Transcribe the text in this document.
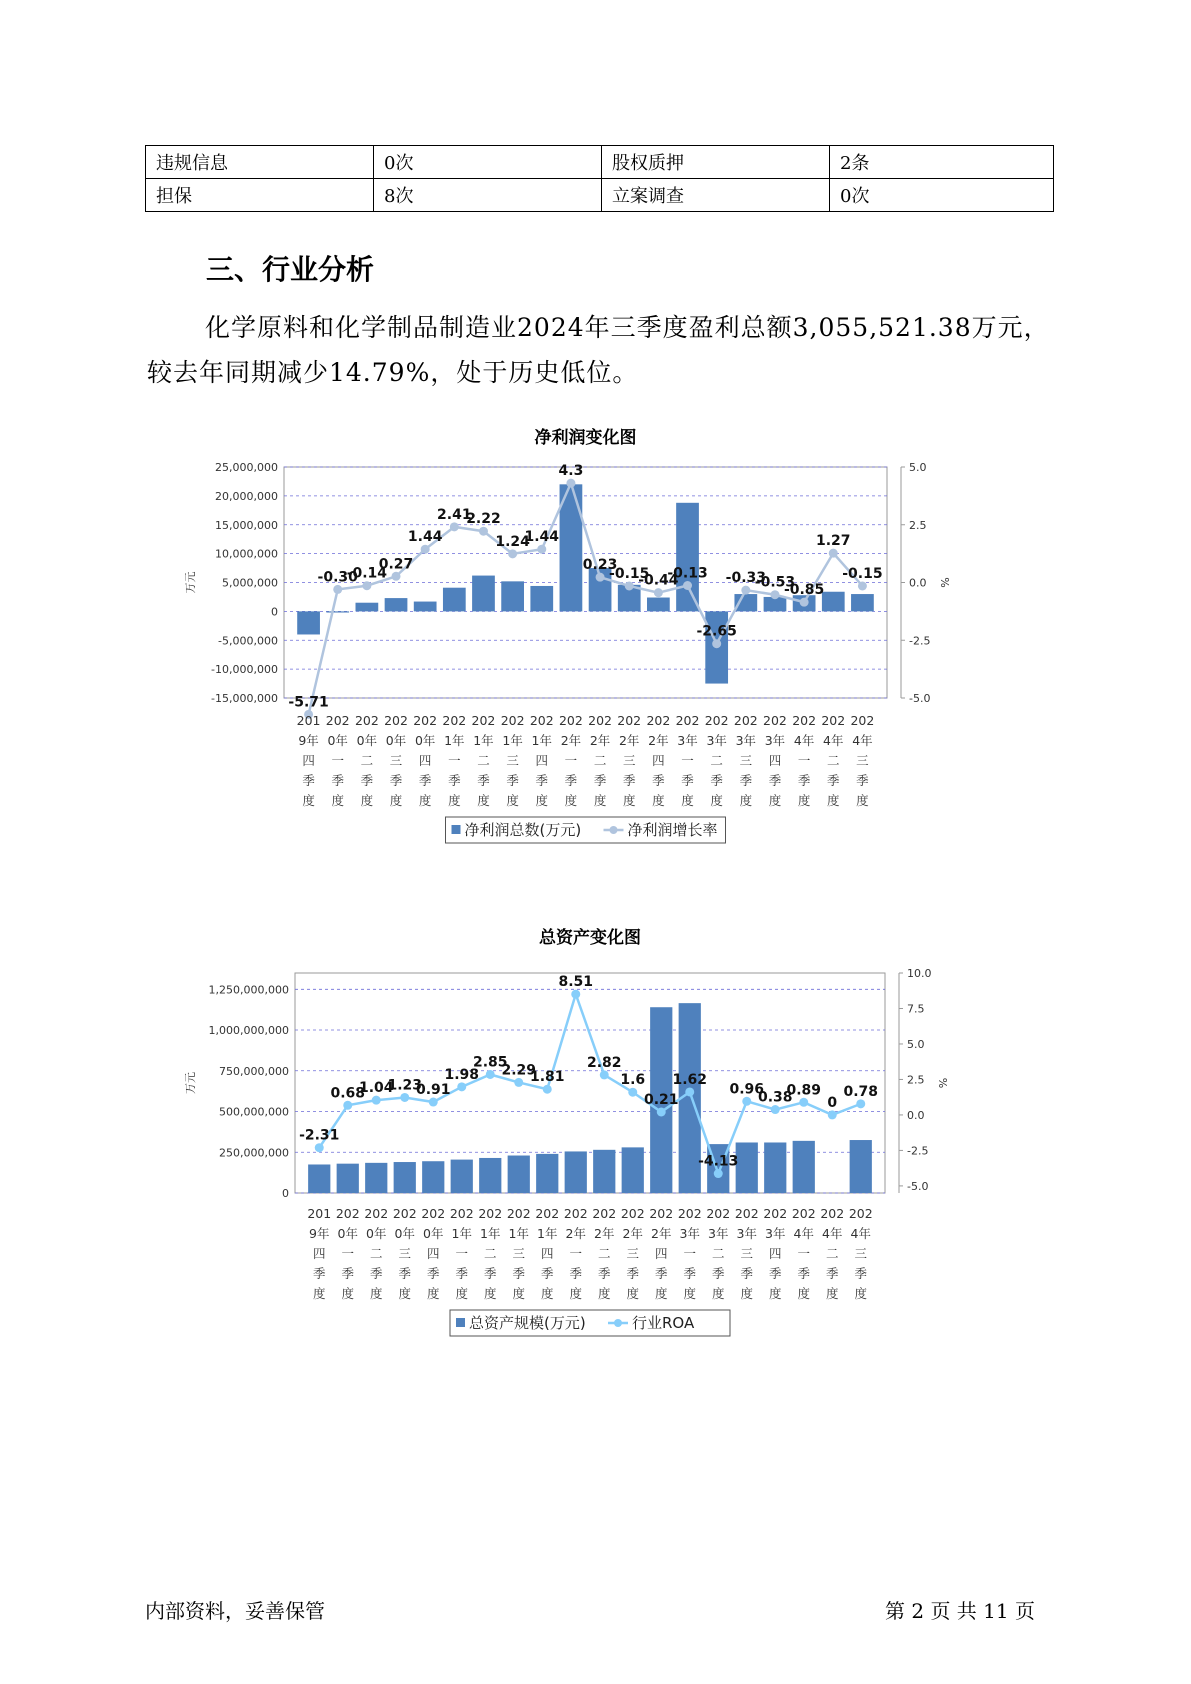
违规信息	0次	股权质押	2条
担保	8次	立案调查	0次
三、行业分析

化学原料和化学制品制造业2024年三季度盈利总额3,055,521.38万元，较去年同期减少14.79%，处于历史低位。

净利润变化图
25,000,000
20,000,000
15,000,000
10,000,000
5,000,000
0
-5,000,000
-10,000,000
-15,000,000
5.0
2.5
0.0
-2.5
-5.0
万元	%
-5.71
-0.30
-0.14
0.27
1.44
2.41
2.22
1.24
1.44
4.3
0.23
-0.15
-0.44
-0.13
-2.65
-0.33
-0.53
-0.85
1.27
-0.15
201 9年四季度
202 0年一季度
202 0年二季度
202 0年三季度
202 0年四季度
202 1年一季度
202 1年二季度
202 1年三季度
202 1年四季度
202 2年一季度
202 2年二季度
202 2年三季度
202 2年四季度
202 3年一季度
202 3年二季度
202 3年三季度
202 3年四季度
202 4年一季度
202 4年二季度
202 4年三季度
净利润总数(万元)	净利润增长率
总资产变化图
1,250,000,000
1,000,000,000
750,000,000
500,000,000
250,000,000
0
10.0
7.5
5.0
2.5
0.0
-2.5
-5.0
万元	%
-2.31
0.68
1.04
1.23
0.91
1.98
2.85
2.29
1.81
8.51
2.82
1.6
0.21
1.62
-4.13
0.96
0.38
0.89
0
0.78
201 9年四季度
202 0年一季度
202 0年二季度
202 0年三季度
202 0年四季度
202 1年一季度
202 1年二季度
202 1年三季度
202 1年四季度
202 2年一季度
202 2年二季度
202 2年三季度
202 2年四季度
202 3年一季度
202 3年二季度
202 3年三季度
202 3年四季度
202 4年一季度
202 4年二季度
202 4年三季度
总资产规模(万元)	行业ROA
内部资料，妥善保管	第 2 页 共 11 页
